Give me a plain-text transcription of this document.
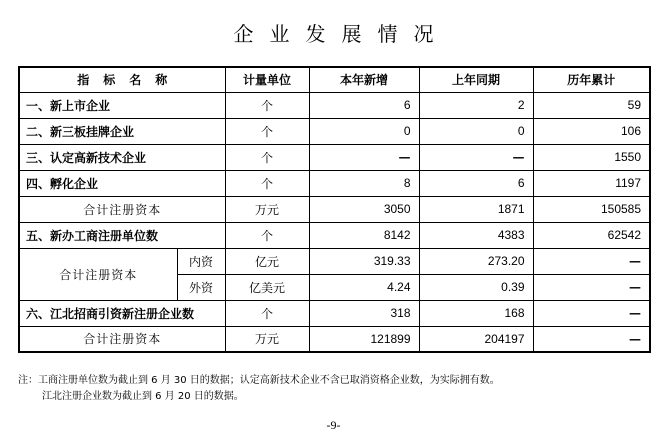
企业发展情况
指标名称		计量单位	本年新增	上年同期	历年累计
一、新上市企业		个	6	2	59
二、新三板挂牌企业		个	0	0	106
三、认定高新技术企业		个	—	—	1550
四、孵化企业		个	8	6	1197
合计注册资本		万元	3050	1871	150585
五、新办工商注册单位数		个	8142	4383	62542
合计注册资本	内资	亿元	319.33	273.20	—
	外资	亿美元	4.24	0.39	—
六、江北招商引资新注册企业数		个	318	168	—
合计注册资本		万元	121899	204197	—
注：工商注册单位数为截止到 6 月 30 日的数据；认定高新技术企业不含已取消资格企业数，为实际拥有数。
江北注册企业数为截止到 6 月 20 日的数据。
-9-
